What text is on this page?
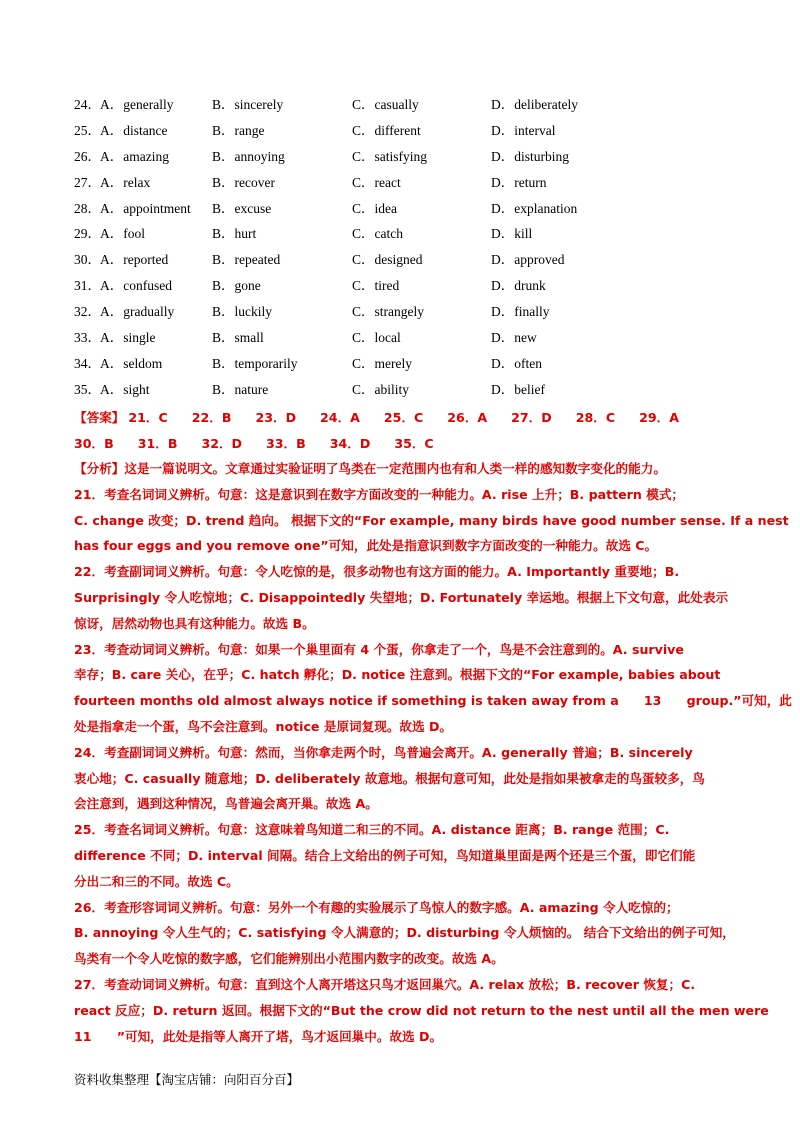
24． A．generally	B．sincerely	C．casually	D．deliberately
25． A．distance	B．range	C．different	D．interval
26． A．amazing	B．annoying	C．satisfying	D．disturbing
27． A．relax	B．recover	C．react	D．return
28． A．appointment B．excuse	C．idea	D．explanation
29． A．fool	B．hurt	C．catch	D．kill
30． A．reported	B．repeated	C．designed	D．approved
31． A．confused	B．gone	C．tired	D．drunk
32． A．gradually	B．luckily	C．strangely	D．finally
33． A．single	B．small	C．local	D．new
34． A．seldom	B．temporarily	C．merely	D．often
35． A．sight	B．nature	C．ability	D．belief
【答案】 21．C 22．B 23．D 24．A 25．C 26．A 27．D 28．C 29．A
30．B 31．B 32．D 33．B 34．D 35．C

【分析】这是一篇说明文。文章通过实验证明了鸟类在一定范围内也有和人类一样的感知数字变化的能力。

21．考查名词词义辨析。句意：这是意识到在数字方面改变的一种能力。A. rise 上升；B. pattern 模式；

C. change 改变；D. trend 趋向。 根据下文的“For example, many birds have good number sense. If a nest

has four eggs and you remove one”可知，此处是指意识到数字方面改变的一种能力。故选 C。

22．考查副词词义辨析。句意：令人吃惊的是，很多动物也有这方面的能力。A. Importantly 重要地；B.

Surprisingly 令人吃惊地；C. Disappointedly 失望地；D. Fortunately 幸运地。根据上下文句意，此处表示

惊讶，居然动物也具有这种能力。故选 B。

23．考查动词词义辨析。句意：如果一个巢里面有 4 个蛋，你拿走了一个，鸟是不会注意到的。A. survive

幸存；B. care 关心，在乎；C. hatch 孵化；D. notice 注意到。根据下文的“For example, babies about

fourteen months old almost always notice if something is taken away from a　　13　　group.”可知，此

处是指拿走一个蛋，鸟不会注意到。notice 是原词复现。故选 D。

24．考查副词词义辨析。句意：然而，当你拿走两个时，鸟普遍会离开。A. generally 普遍；B. sincerely

衷心地；C. casually 随意地；D. deliberately 故意地。根据句意可知，此处是指如果被拿走的鸟蛋较多，鸟

会注意到，遇到这种情况，鸟普遍会离开巢。故选 A。

25．考查名词词义辨析。句意：这意味着鸟知道二和三的不同。A. distance 距离；B. range 范围；C.

difference 不同；D. interval 间隔。结合上文给出的例子可知，鸟知道巢里面是两个还是三个蛋，即它们能

分出二和三的不同。故选 C。

26．考查形容词词义辨析。句意：另外一个有趣的实验展示了鸟惊人的数字感。A. amazing 令人吃惊的；

B. annoying 令人生气的；C. satisfying 令人满意的；D. disturbing 令人烦恼的。 结合下文给出的例子可知，

鸟类有一个令人吃惊的数字感，它们能辨别出小范围内数字的改变。故选 A。

27．考查动词词义辨析。句意：直到这个人离开塔这只鸟才返回巢穴。A. relax 放松；B. recover 恢复；C.

react 反应；D. return 返回。根据下文的“But the crow did not return to the nest until all the men were

11　　”可知，此处是指等人离开了塔，鸟才返回巢中。故选 D。

资料收集整理【淘宝店铺：向阳百分百】
